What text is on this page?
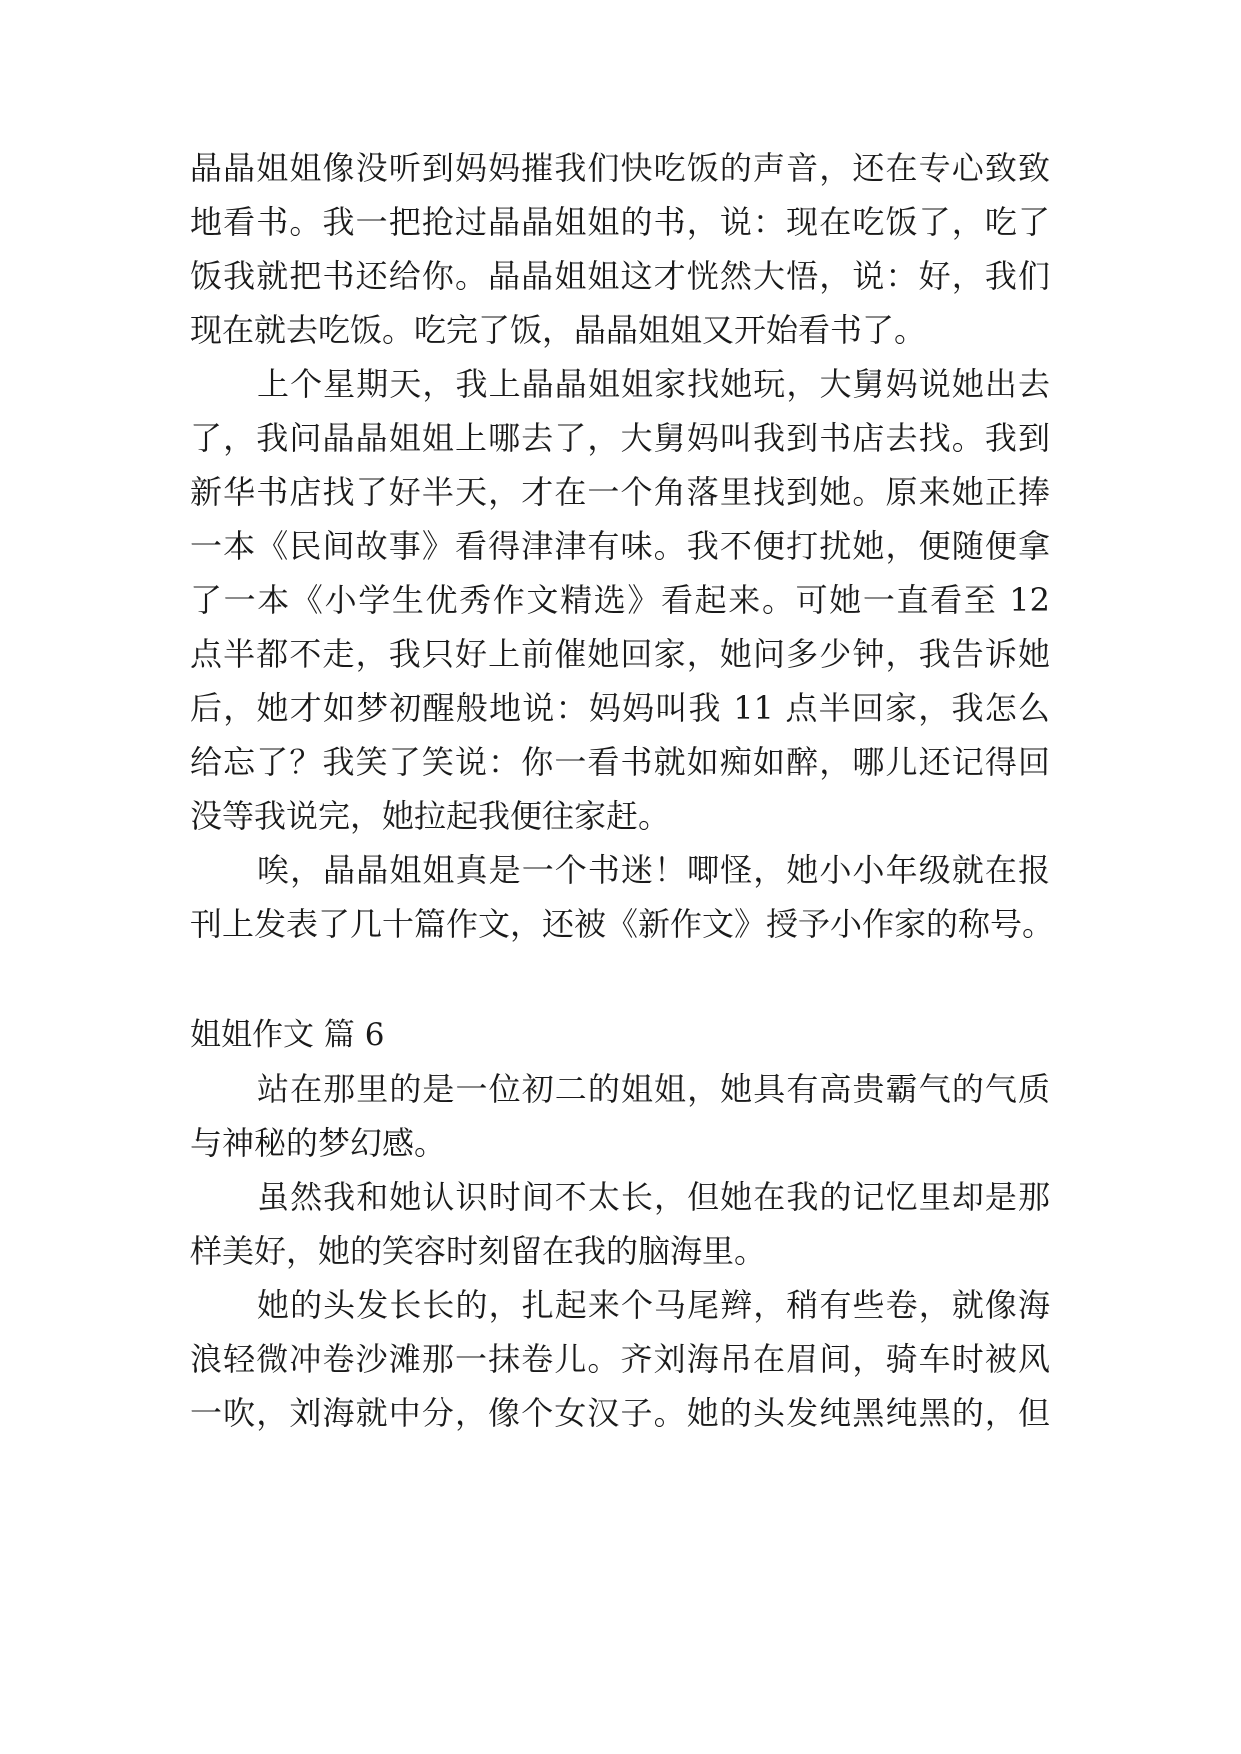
晶晶姐姐像没听到妈妈摧我们快吃饭的声音，还在专心致致
地看书。我一把抢过晶晶姐姐的书，说：现在吃饭了，吃了
饭我就把书还给你。晶晶姐姐这才恍然大悟，说：好，我们
现在就去吃饭。吃完了饭，晶晶姐姐又开始看书了。
上个星期天，我上晶晶姐姐家找她玩，大舅妈说她出去
了，我问晶晶姐姐上哪去了，大舅妈叫我到书店去找。我到
新华书店找了好半天，才在一个角落里找到她。原来她正捧
一本《民间故事》看得津津有味。我不便打扰她，便随便拿
了一本《小学生优秀作文精选》看起来。可她一直看至 12
点半都不走，我只好上前催她回家，她问多少钟，我告诉她
后，她才如梦初醒般地说：妈妈叫我 11 点半回家，我怎么
给忘了？我笑了笑说：你一看书就如痴如醉，哪儿还记得回
没等我说完，她拉起我便往家赶。
唉，晶晶姐姐真是一个书迷！唧怪，她小小年级就在报
刊上发表了几十篇作文，还被《新作文》授予小作家的称号。
姐姐作文 篇 6
站在那里的是一位初二的姐姐，她具有高贵霸气的气质
与神秘的梦幻感。
虽然我和她认识时间不太长，但她在我的记忆里却是那
样美好，她的笑容时刻留在我的脑海里。
她的头发长长的，扎起来个马尾辫，稍有些卷，就像海
浪轻微冲卷沙滩那一抹卷儿。齐刘海吊在眉间，骑车时被风
一吹，刘海就中分，像个女汉子。她的头发纯黑纯黑的，但
